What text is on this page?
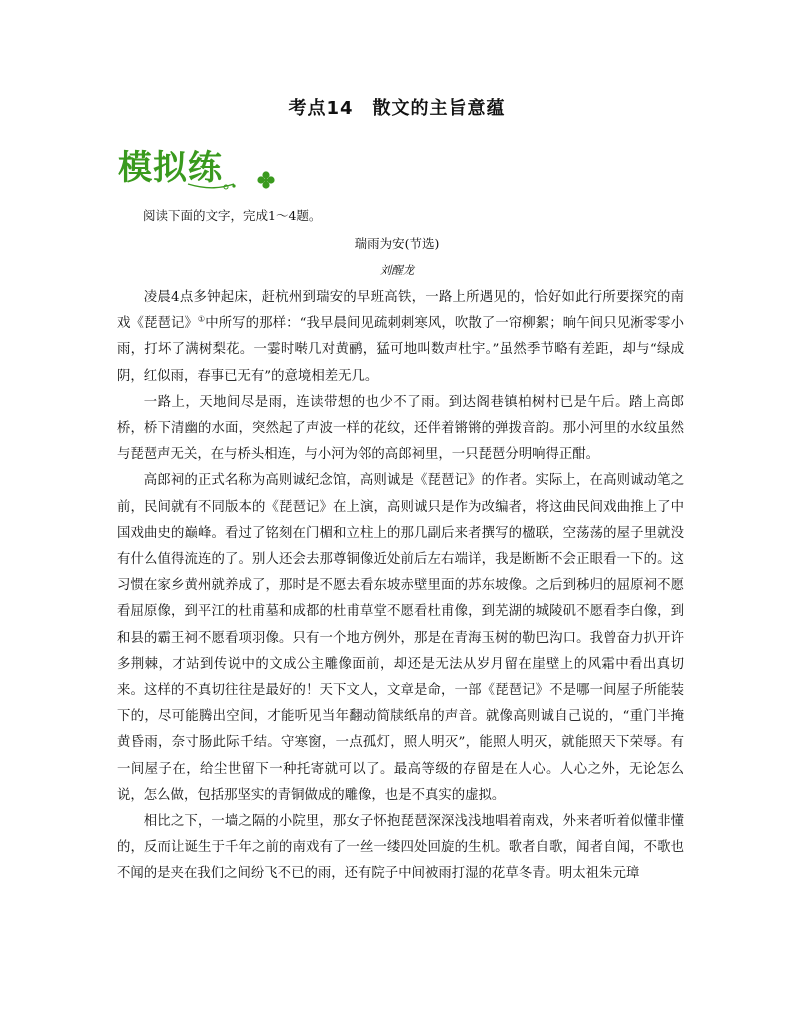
考点14　散文的主旨意蕴
模拟练
阅读下面的文字，完成1～4题。
瑞雨为安(节选)
刘醒龙

凌晨4点多钟起床，赶杭州到瑞安的早班高铁，一路上所遇见的，恰好如此行所要探究的南戏《琵琶记》①中所写的那样：“我早晨间见疏刺刺寒风，吹散了一帘柳絮；晌午间只见淅零零小雨，打坏了满树梨花。一霎时啭几对黄鹂，猛可地叫数声杜宇。”虽然季节略有差距，却与“绿成阴，红似雨，春事已无有”的意境相差无几。

一路上，天地间尽是雨，连读带想的也少不了雨。到达阁巷镇柏树村已是午后。踏上高郎桥，桥下清幽的水面，突然起了声波一样的花纹，还伴着锵锵的弹拨音韵。那小河里的水纹虽然与琵琶声无关，在与桥头相连，与小河为邻的高郎祠里，一只琵琶分明响得正酣。

高郎祠的正式名称为高则诚纪念馆，高则诚是《琵琶记》的作者。实际上，在高则诚动笔之前，民间就有不同版本的《琵琶记》在上演，高则诚只是作为改编者，将这曲民间戏曲推上了中国戏曲史的巅峰。看过了铭刻在门楣和立柱上的那几副后来者撰写的楹联，空荡荡的屋子里就没有什么值得流连的了。别人还会去那尊铜像近处前后左右端详，我是断断不会正眼看一下的。这习惯在家乡黄州就养成了，那时是不愿去看东坡赤壁里面的苏东坡像。之后到秭归的屈原祠不愿看屈原像，到平江的杜甫墓和成都的杜甫草堂不愿看杜甫像，到芜湖的城陵矶不愿看李白像，到和县的霸王祠不愿看项羽像。只有一个地方例外，那是在青海玉树的勒巴沟口。我曾奋力扒开许多荆棘，才站到传说中的文成公主雕像面前，却还是无法从岁月留在崖壁上的风霜中看出真切来。这样的不真切往往是最好的！天下文人，文章是命，一部《琵琶记》不是哪一间屋子所能装下的，尽可能腾出空间，才能听见当年翻动简牍纸帛的声音。就像高则诚自己说的，“重门半掩黄昏雨，奈寸肠此际千结。守寒窗，一点孤灯，照人明灭”，能照人明灭，就能照天下荣辱。有一间屋子在，给尘世留下一种托寄就可以了。最高等级的存留是在人心。人心之外，无论怎么说，怎么做，包括那坚实的青铜做成的雕像，也是不真实的虚拟。

相比之下，一墙之隔的小院里，那女子怀抱琵琶深深浅浅地唱着南戏，外来者听着似懂非懂的，反而让诞生于千年之前的南戏有了一丝一缕四处回旋的生机。歌者自歌，闻者自闻，不歌也不闻的是夹在我们之间纷飞不已的雨，还有院子中间被雨打湿的花草冬青。明太祖朱元璋
